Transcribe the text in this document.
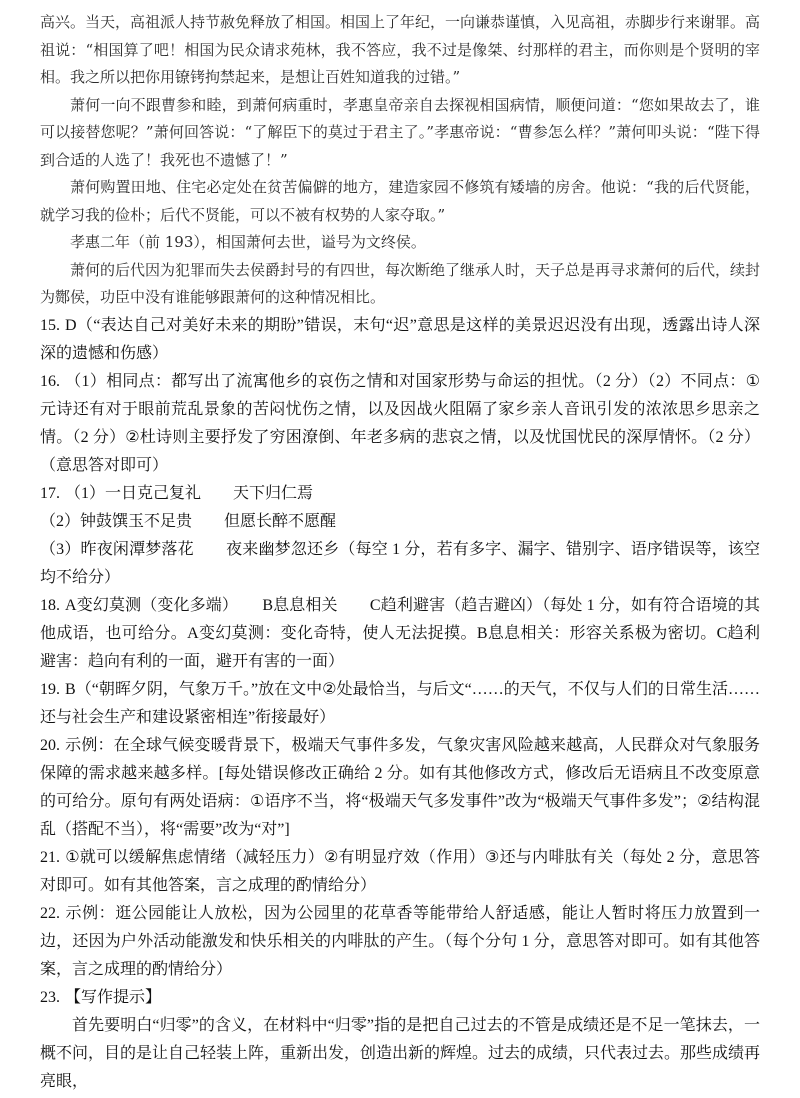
高兴。当天，高祖派人持节赦免释放了相国。相国上了年纪，一向谦恭谨慎，入见高祖，赤脚步行来谢罪。高祖说：“相国算了吧！相国为民众请求苑林，我不答应，我不过是像桀、纣那样的君主，而你则是个贤明的宰相。我之所以把你用镣铐拘禁起来，是想让百姓知道我的过错。”

萧何一向不跟曹参和睦，到萧何病重时，孝惠皇帝亲自去探视相国病情，顺便问道：“您如果故去了，谁可以接替您呢？”萧何回答说：“了解臣下的莫过于君主了。”孝惠帝说：“曹参怎么样？”萧何叩头说：“陛下得到合适的人选了！我死也不遗憾了！”

萧何购置田地、住宅必定处在贫苦偏僻的地方，建造家园不修筑有矮墙的房舍。他说：“我的后代贤能，就学习我的俭朴；后代不贤能，可以不被有权势的人家夺取。”

孝惠二年（前 193），相国萧何去世，谥号为文终侯。

萧何的后代因为犯罪而失去侯爵封号的有四世，每次断绝了继承人时，天子总是再寻求萧何的后代，续封为酂侯，功臣中没有谁能够跟萧何的这种情况相比。

15. D（“表达自己对美好未来的期盼”错误，末句“迟”意思是这样的美景迟迟没有出现，透露出诗人深深的遗憾和伤感）

16. （1）相同点：都写出了流寓他乡的哀伤之情和对国家形势与命运的担忧。（2 分）（2）不同点：①元诗还有对于眼前荒乱景象的苦闷忧伤之情，以及因战火阻隔了家乡亲人音讯引发的浓浓思乡思亲之情。（2 分）②杜诗则主要抒发了穷困潦倒、年老多病的悲哀之情，以及忧国忧民的深厚情怀。（2 分）（意思答对即可）

17. （1）一日克己复礼　　天下归仁焉

（2）钟鼓馔玉不足贵　　但愿长醉不愿醒

（3）昨夜闲潭梦落花　　夜来幽梦忽还乡（每空 1 分，若有多字、漏字、错别字、语序错误等，该空均不给分）

18. A变幻莫测（变化多端）　　B息息相关　　C趋利避害（趋吉避凶）（每处 1 分，如有符合语境的其他成语，也可给分。A变幻莫测：变化奇特，使人无法捉摸。B息息相关：形容关系极为密切。C趋利避害：趋向有利的一面，避开有害的一面）

19. B（“朝晖夕阴，气象万千。”放在文中②处最恰当，与后文“……的天气，不仅与人们的日常生活……还与社会生产和建设紧密相连”衔接最好）

20. 示例：在全球气候变暖背景下，极端天气事件多发，气象灾害风险越来越高，人民群众对气象服务保障的需求越来越多样。[每处错误修改正确给 2 分。如有其他修改方式，修改后无语病且不改变原意的可给分。原句有两处语病：①语序不当，将“极端天气多发事件”改为“极端天气事件多发”；②结构混乱（搭配不当），将“需要”改为“对”]

21. ①就可以缓解焦虑情绪（减轻压力）②有明显疗效（作用）③还与内啡肽有关（每处 2 分，意思答对即可。如有其他答案，言之成理的酌情给分）

22. 示例：逛公园能让人放松，因为公园里的花草香等能带给人舒适感，能让人暂时将压力放置到一边，还因为户外活动能激发和快乐相关的内啡肽的产生。（每个分句 1 分，意思答对即可。如有其他答案，言之成理的酌情给分）

23. 【写作提示】

首先要明白“归零”的含义，在材料中“归零”指的是把自己过去的不管是成绩还是不足一笔抹去，一概不问，目的是让自己轻装上阵，重新出发，创造出新的辉煌。过去的成绩，只代表过去。那些成绩再亮眼，
